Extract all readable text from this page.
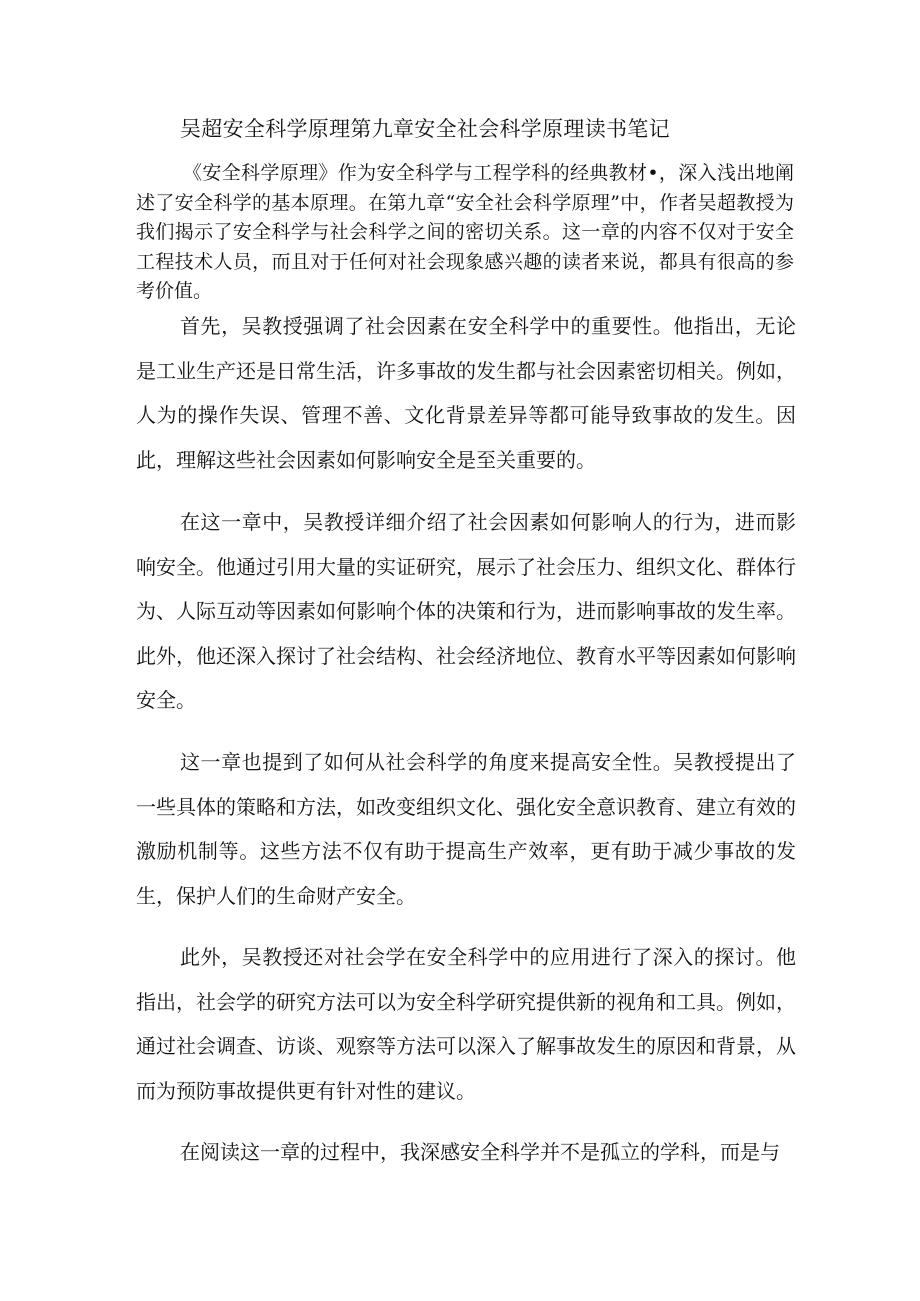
吴超安全科学原理第九章安全社会科学原理读书笔记

《安全科学原理》作为安全科学与工程学科的经典教材•，深入浅出地阐述了安全科学的基本原理。在第九章“安全社会科学原理”中，作者吴超教授为我们揭示了安全科学与社会科学之间的密切关系。这一章的内容不仅对于安全工程技术人员，而且对于任何对社会现象感兴趣的读者来说，都具有很高的参考价值。

首先，吴教授强调了社会因素在安全科学中的重要性。他指出，无论是工业生产还是日常生活，许多事故的发生都与社会因素密切相关。例如，人为的操作失误、管理不善、文化背景差异等都可能导致事故的发生。因此，理解这些社会因素如何影响安全是至关重要的。

在这一章中，吴教授详细介绍了社会因素如何影响人的行为，进而影响安全。他通过引用大量的实证研究，展示了社会压力、组织文化、群体行为、人际互动等因素如何影响个体的决策和行为，进而影响事故的发生率。此外，他还深入探讨了社会结构、社会经济地位、教育水平等因素如何影响安全。

这一章也提到了如何从社会科学的角度来提高安全性。吴教授提出了一些具体的策略和方法，如改变组织文化、强化安全意识教育、建立有效的激励机制等。这些方法不仅有助于提高生产效率，更有助于减少事故的发生，保护人们的生命财产安全。

此外，吴教授还对社会学在安全科学中的应用进行了深入的探讨。他指出，社会学的研究方法可以为安全科学研究提供新的视角和工具。例如，通过社会调查、访谈、观察等方法可以深入了解事故发生的原因和背景，从而为预防事故提供更有针对性的建议。

在阅读这一章的过程中，我深感安全科学并不是孤立的学科，而是与
